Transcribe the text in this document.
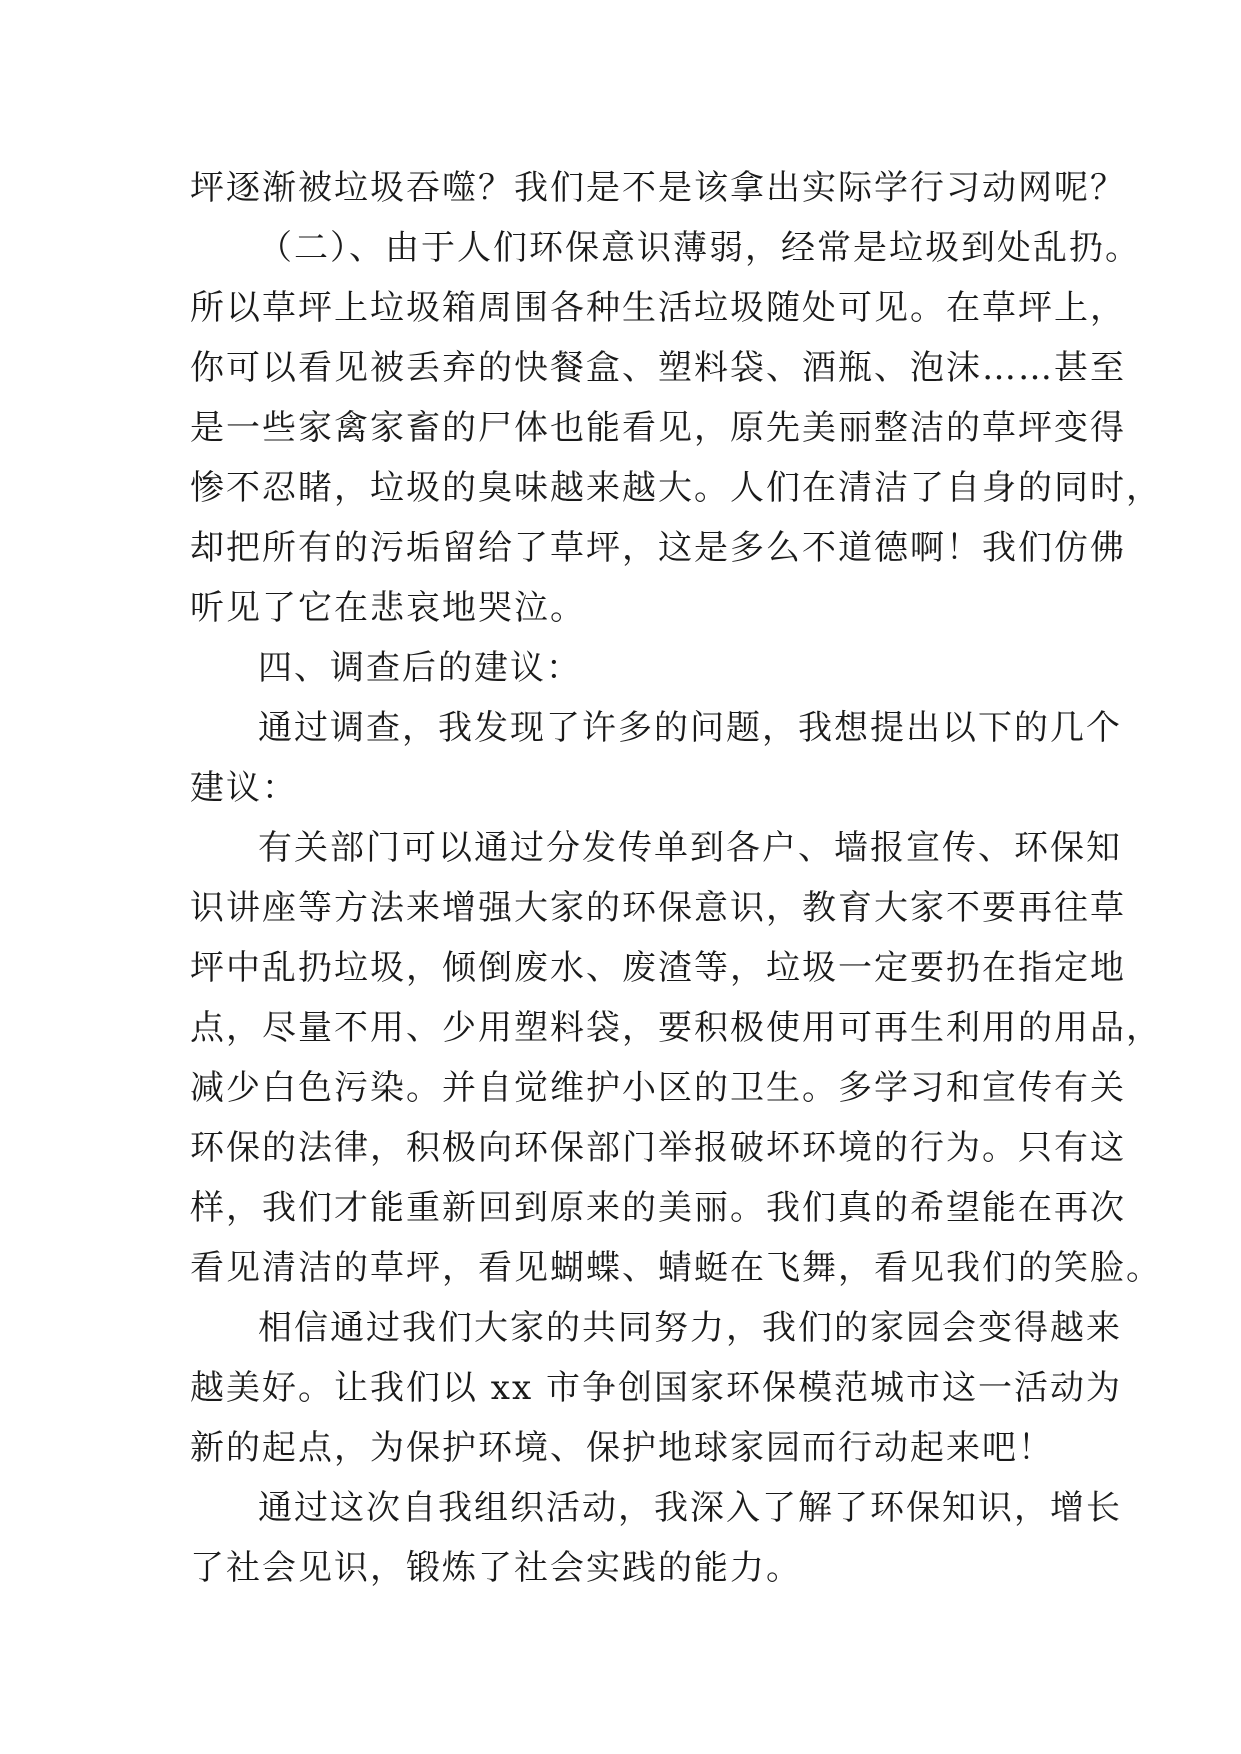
坪逐渐被垃圾吞噬？我们是不是该拿出实际学行习动网呢？
（二）、由于人们环保意识薄弱，经常是垃圾到处乱扔。
所以草坪上垃圾箱周围各种生活垃圾随处可见。在草坪上，
你可以看见被丢弃的快餐盒、塑料袋、酒瓶、泡沫……甚至
是一些家禽家畜的尸体也能看见，原先美丽整洁的草坪变得
惨不忍睹，垃圾的臭味越来越大。人们在清洁了自身的同时，
却把所有的污垢留给了草坪，这是多么不道德啊！我们仿佛
听见了它在悲哀地哭泣。
四、调查后的建议：
通过调查，我发现了许多的问题，我想提出以下的几个
建议：
有关部门可以通过分发传单到各户、墙报宣传、环保知
识讲座等方法来增强大家的环保意识，教育大家不要再往草
坪中乱扔垃圾，倾倒废水、废渣等，垃圾一定要扔在指定地
点，尽量不用、少用塑料袋，要积极使用可再生利用的用品，
减少白色污染。并自觉维护小区的卫生。多学习和宣传有关
环保的法律，积极向环保部门举报破坏环境的行为。只有这
样，我们才能重新回到原来的美丽。我们真的希望能在再次
看见清洁的草坪，看见蝴蝶、蜻蜓在飞舞，看见我们的笑脸。
相信通过我们大家的共同努力，我们的家园会变得越来
越美好。让我们以 xx 市争创国家环保模范城市这一活动为
新的起点，为保护环境、保护地球家园而行动起来吧！
通过这次自我组织活动，我深入了解了环保知识，增长
了社会见识，锻炼了社会实践的能力。
